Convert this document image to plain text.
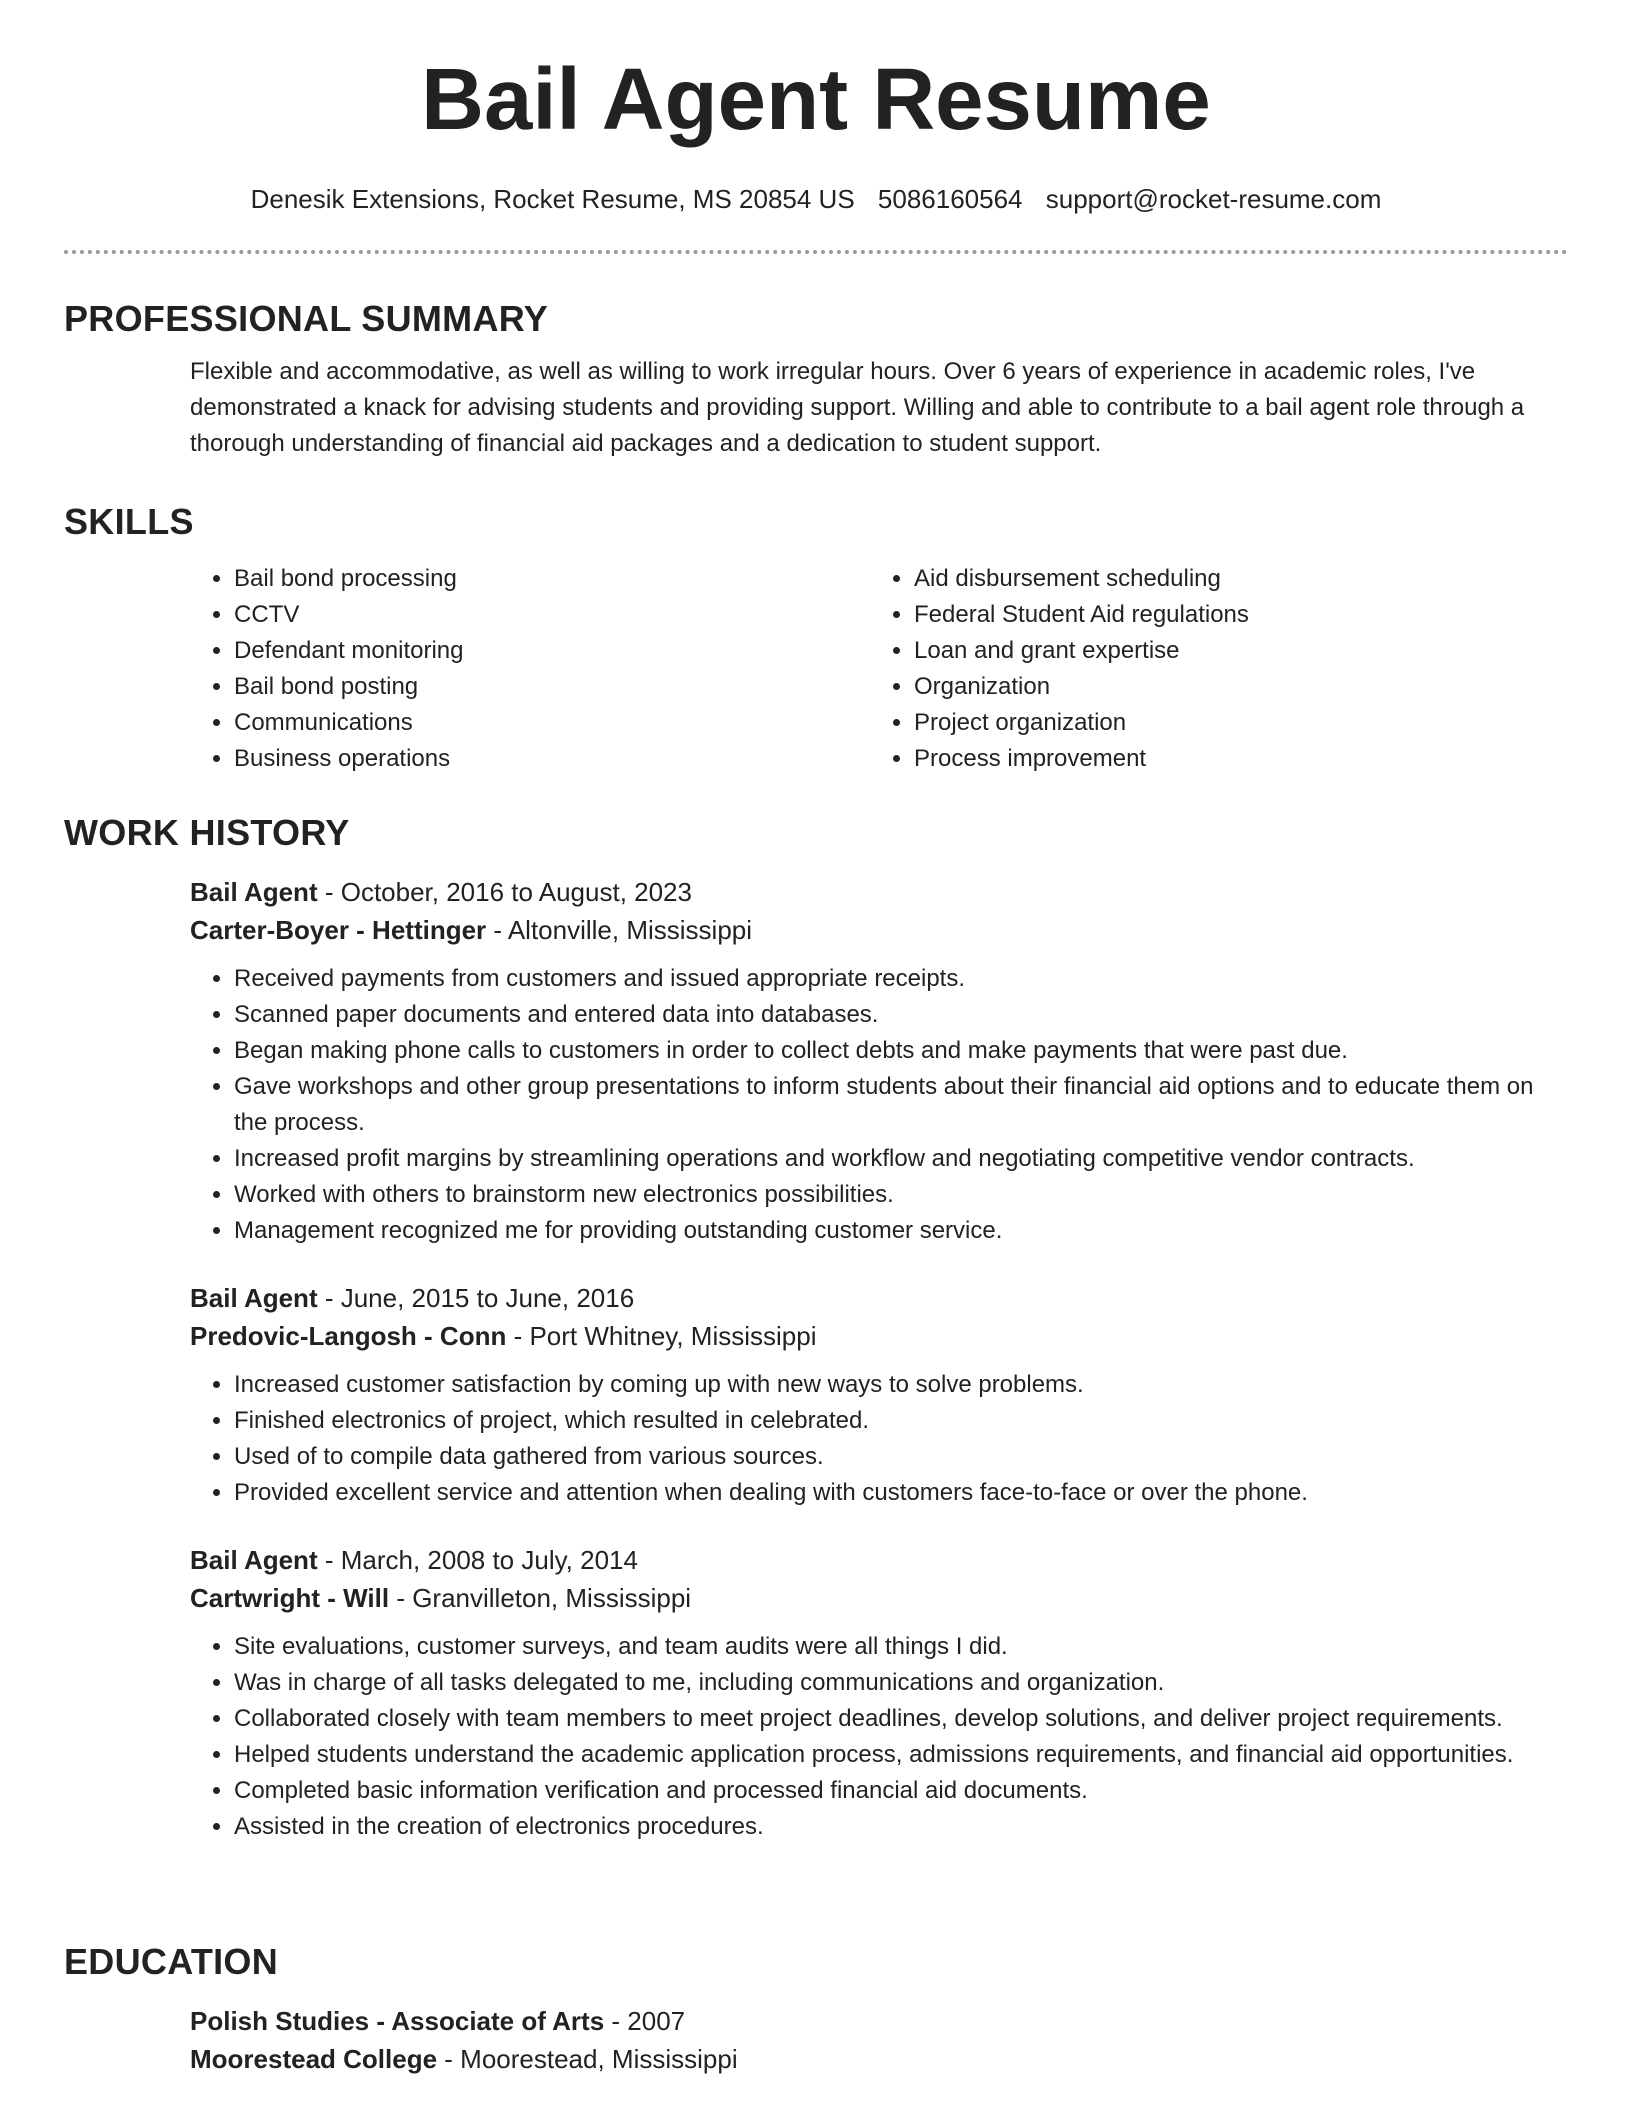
Bail Agent Resume
Denesik Extensions, Rocket Resume, MS 20854 US 5086160564 support@rocket-resume.com
PROFESSIONAL SUMMARY

Flexible and accommodative, as well as willing to work irregular hours. Over 6 years of experience in academic roles, I've demonstrated a knack for advising students and providing support. Willing and able to contribute to a bail agent role through a thorough understanding of financial aid packages and a dedication to student support.

SKILLS
• Bail bond processing
• CCTV
• Defendant monitoring
• Bail bond posting
• Communications
• Business operations
• Aid disbursement scheduling
• Federal Student Aid regulations
• Loan and grant expertise
• Organization
• Project organization
• Process improvement
WORK HISTORY
Bail Agent - October, 2016 to August, 2023
Carter-Boyer - Hettinger - Altonville, Mississippi
• Received payments from customers and issued appropriate receipts.
• Scanned paper documents and entered data into databases.
• Began making phone calls to customers in order to collect debts and make payments that were past due.
• Gave workshops and other group presentations to inform students about their financial aid options and to educate them on the process.
• Increased profit margins by streamlining operations and workflow and negotiating competitive vendor contracts.
• Worked with others to brainstorm new electronics possibilities.
• Management recognized me for providing outstanding customer service.
Bail Agent - June, 2015 to June, 2016
Predovic-Langosh - Conn - Port Whitney, Mississippi
• Increased customer satisfaction by coming up with new ways to solve problems.
• Finished electronics of project, which resulted in celebrated.
• Used of to compile data gathered from various sources.
• Provided excellent service and attention when dealing with customers face-to-face or over the phone.
Bail Agent - March, 2008 to July, 2014
Cartwright - Will - Granvilleton, Mississippi
• Site evaluations, customer surveys, and team audits were all things I did.
• Was in charge of all tasks delegated to me, including communications and organization.
• Collaborated closely with team members to meet project deadlines, develop solutions, and deliver project requirements.
• Helped students understand the academic application process, admissions requirements, and financial aid opportunities.
• Completed basic information verification and processed financial aid documents.
• Assisted in the creation of electronics procedures.
EDUCATION
Polish Studies - Associate of Arts - 2007
Moorestead College - Moorestead, Mississippi
